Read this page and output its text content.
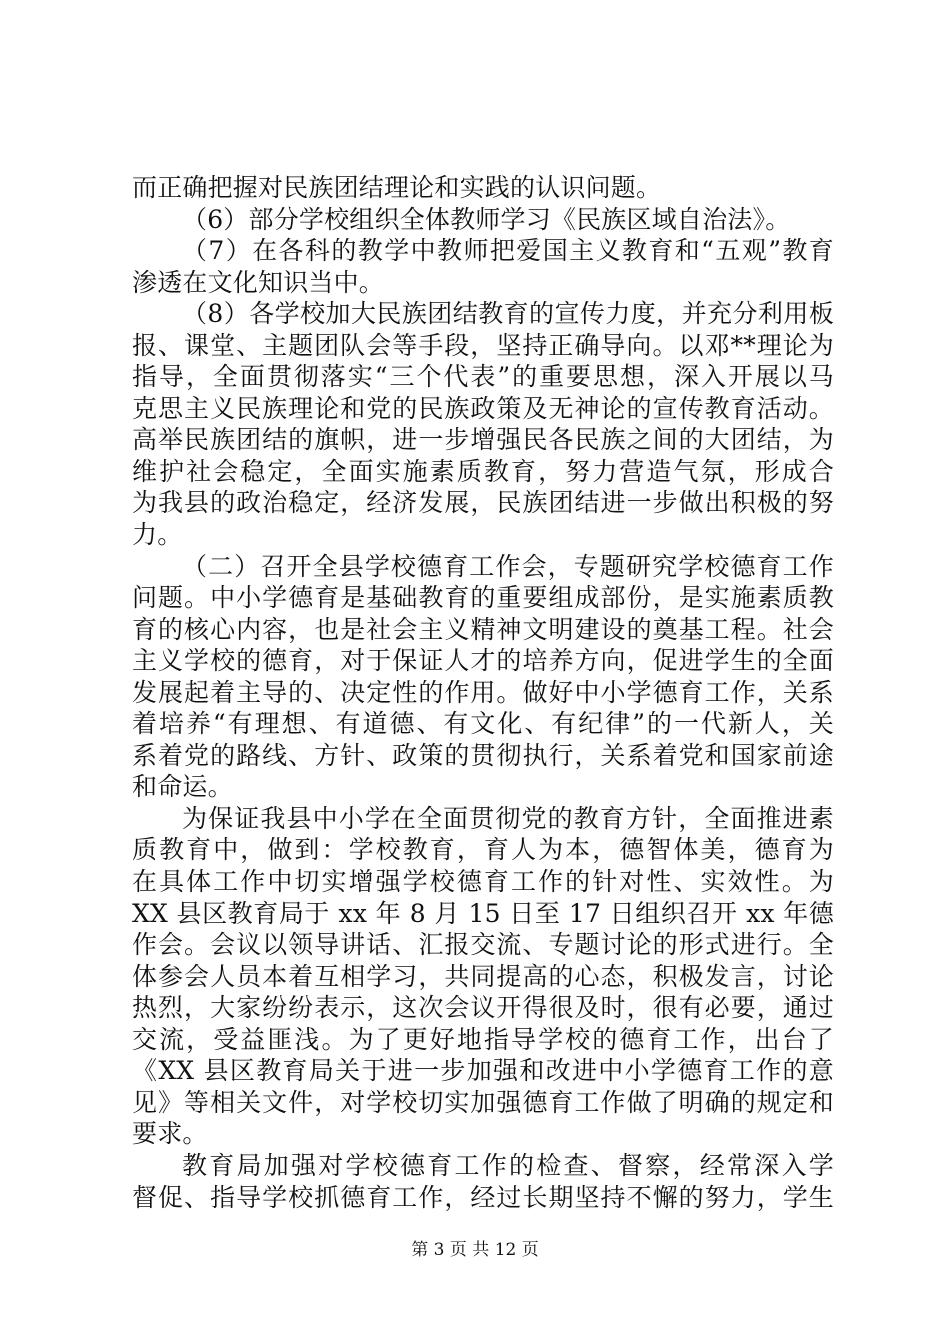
而正确把握对民族团结理论和实践的认识问题。
（6）部分学校组织全体教师学习《民族区域自治法》。
（7）在各科的教学中教师把爱国主义教育和“五观”教育
渗透在文化知识当中。
（8）各学校加大民族团结教育的宣传力度，并充分利用板
报、课堂、主题团队会等手段，坚持正确导向。以邓**理论为
指导，全面贯彻落实“三个代表”的重要思想，深入开展以马
克思主义民族理论和党的民族政策及无神论的宣传教育活动。
高举民族团结的旗帜，进一步增强民各民族之间的大团结，为
维护社会稳定，全面实施素质教育，努力营造气氛，形成合
为我县的政治稳定，经济发展，民族团结进一步做出积极的努
力。
（二）召开全县学校德育工作会，专题研究学校德育工作
问题。中小学德育是基础教育的重要组成部份，是实施素质教
育的核心内容，也是社会主义精神文明建设的奠基工程。社会
主义学校的德育，对于保证人才的培养方向，促进学生的全面
发展起着主导的、决定性的作用。做好中小学德育工作，关系
着培养“有理想、有道德、有文化、有纪律”的一代新人，关
系着党的路线、方针、政策的贯彻执行，关系着党和国家前途
和命运。
为保证我县中小学在全面贯彻党的教育方针，全面推进素
质教育中，做到：学校教育，育人为本，德智体美，德育为
在具体工作中切实增强学校德育工作的针对性、实效性。为
XX 县区教育局于 xx 年 8 月 15 日至 17 日组织召开 xx 年德
作会。会议以领导讲话、汇报交流、专题讨论的形式进行。全
体参会人员本着互相学习，共同提高的心态，积极发言，讨论
热烈，大家纷纷表示，这次会议开得很及时，很有必要，通过
交流，受益匪浅。为了更好地指导学校的德育工作，出台了
《XX 县区教育局关于进一步加强和改进中小学德育工作的意
见》等相关文件，对学校切实加强德育工作做了明确的规定和
要求。
教育局加强对学校德育工作的检查、督察，经常深入学
督促、指导学校抓德育工作，经过长期坚持不懈的努力，学生
第 3 页 共 12 页
